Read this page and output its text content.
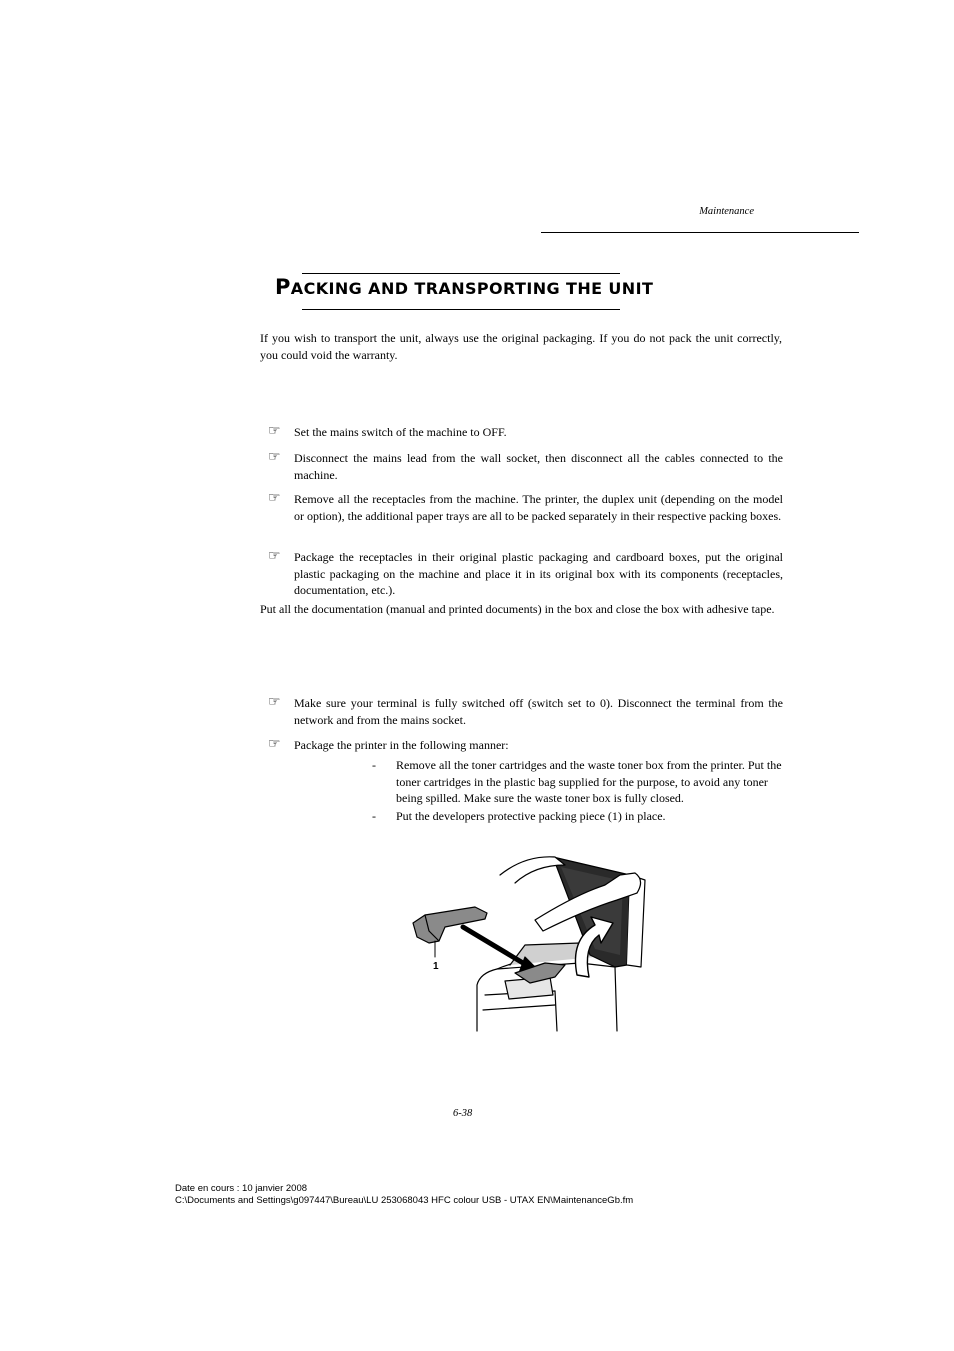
Maintenance
PACKING AND TRANSPORTING THE UNIT
If you wish to transport the unit, always use the original packaging. If you do not pack the unit correctly, you could void the warranty.
☞ Set the mains switch of the machine to OFF.
☞ Disconnect the mains lead from the wall socket, then disconnect all the cables connected to the machine.
☞ Remove all the receptacles from the machine. The printer, the duplex unit (depending on the model or option), the additional paper trays are all to be packed separately in their respective packing boxes.
☞ Package the receptacles in their original plastic packaging and cardboard boxes, put the original plastic packaging on the machine and place it in its original box with its components (receptacles, documentation, etc.).
Put all the documentation (manual and printed documents) in the box and close the box with adhesive tape.
☞ Make sure your terminal is fully switched off (switch set to 0). Disconnect the terminal from the network and from the mains socket.
☞ Package the printer in the following manner:
- Remove all the toner cartridges and the waste toner box from the printer. Put the toner cartridges in the plastic bag supplied for the purpose, to avoid any toner being spilled. Make sure the waste toner box is fully closed.
- Put the developers protective packing piece (1) in place.
1
6-38
Date en cours : 10 janvier 2008
C:\Documents and Settings\g097447\Bureau\LU 253068043 HFC colour USB - UTAX EN\MaintenanceGb.fm
